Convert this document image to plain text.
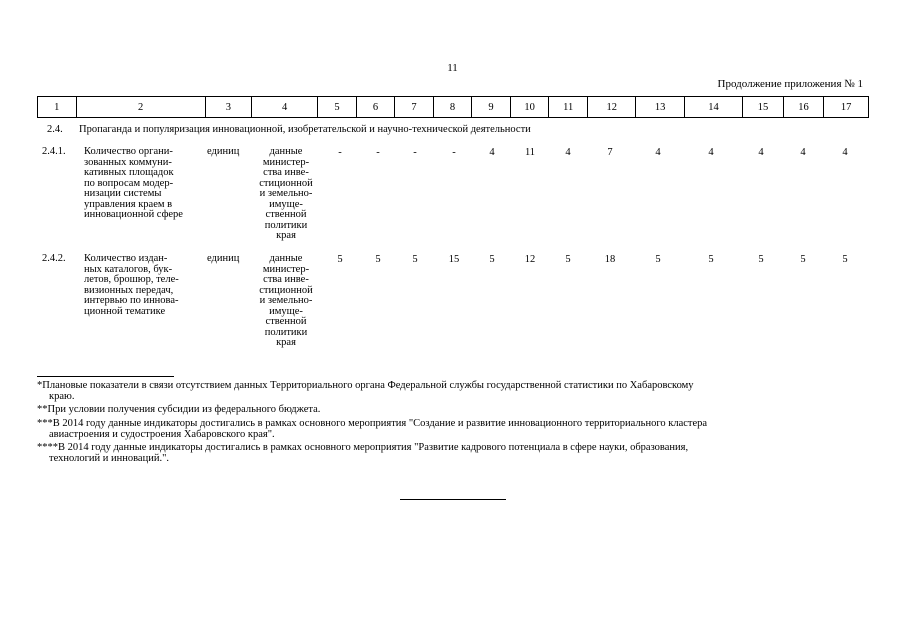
11
Продолжение приложения № 1
1	2	3	4	5	6	7	8	9	10	11	12	13	14	15	16	17
2.4. Пропаганда и популяризация инновационной, изобретательской и научно-технической деятельности
2.4.1. Количество органи-
зованных коммуни-
кативных площадок
по вопросам модер-
низации системы
управления краем в
инновационной сфере
единиц	данные
министер-
ства инве-
стиционной
и земельно-
имуще-
ственной
политики
края
-	-	-	-	4	11	4	7	4	4	4	4	4
2.4.2. Количество издан-
ных каталогов, бук-
летов, брошюр, теле-
визионных передач,
интервью по иннова-
ционной тематике
единиц	данные
министер-
ства инве-
стиционной
и земельно-
имуще-
ственной
политики
края
5	5	5	15	5	12	5	18	5	5	5	5	5
*Плановые показатели в связи отсутствием данных Территориального органа Федеральной службы государственной статистики по Хабаровскому
краю.
**При условии получения субсидии из федерального бюджета.
***В 2014 году данные индикаторы достигались в рамках основного мероприятия "Создание и развитие инновационного территориального кластера
авиастроения и судостроения Хабаровского края".
****В 2014 году данные индикаторы достигались в рамках основного мероприятия "Развитие кадрового потенциала в сфере науки, образования,
технологий и инноваций.".
